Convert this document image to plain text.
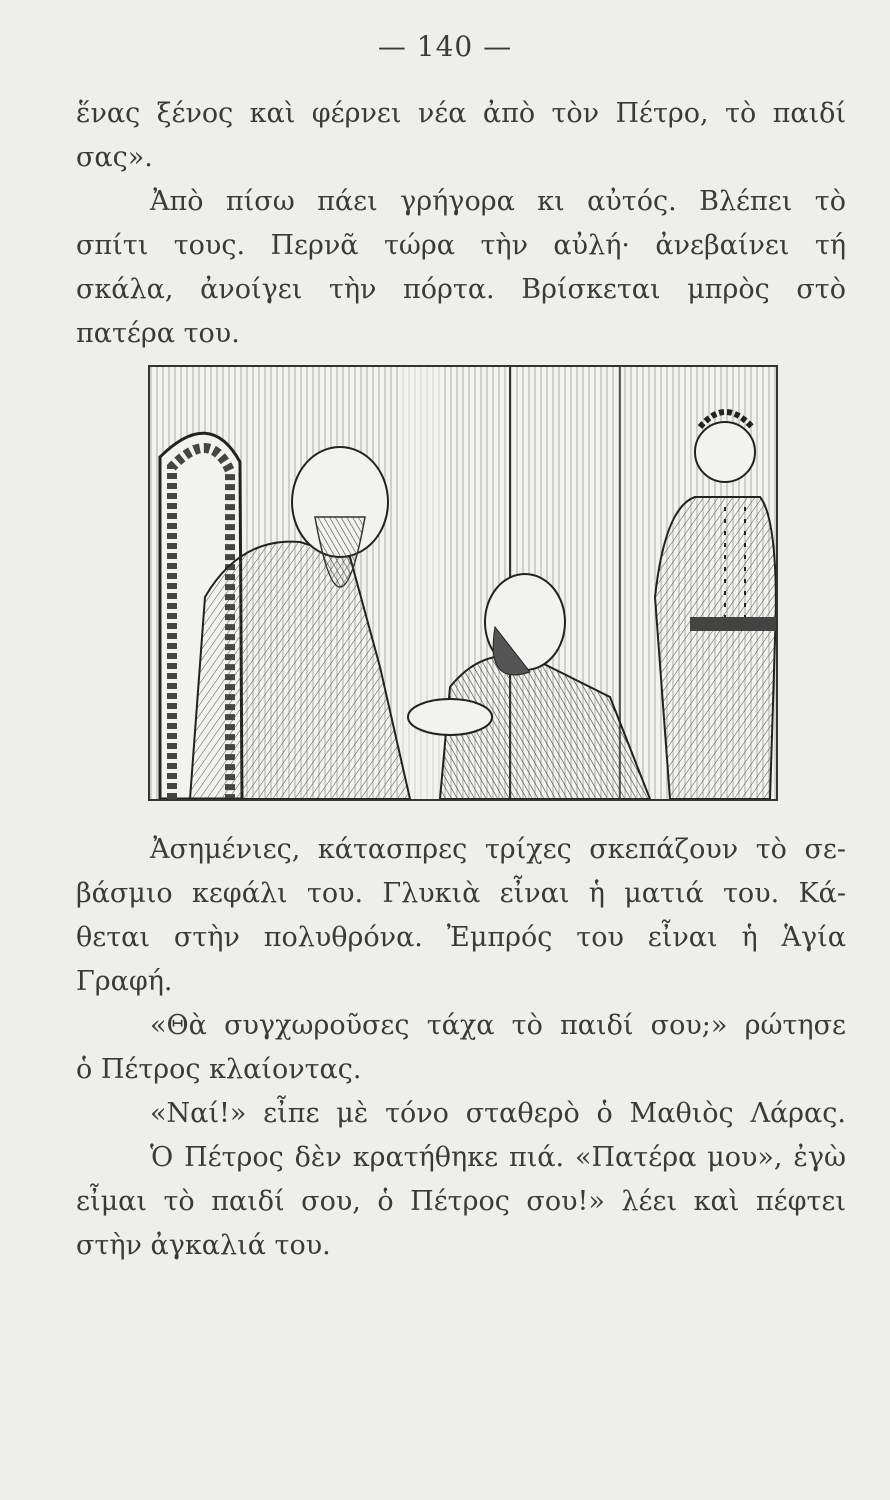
— 140 —
ἕνας ξένος καὶ φέρνει νέα ἀπὸ τὸν Πέτρο, τὸ παιδί
σας».
Ἀπὸ πίσω πάει γρήγορα κι αὐτός. Βλέπει τὸ
σπίτι τους. Περνᾶ τώρα τὴν αὐλή· ἀνεβαίνει τή
σκάλα, ἀνοίγει τὴν πόρτα. Βρίσκεται μπρὸς στὸ
πατέρα του.
Ἀσημένιες, κάτασπρες τρίχες σκεπάζουν τὸ σε-
βάσμιο κεφάλι του. Γλυκιὰ εἶναι ἡ ματιά του. Κά-
θεται στὴν πολυθρόνα. Ἐμπρός του εἶναι ἡ Ἁγία
Γραφή.
«Θὰ συγχωροῦσες τάχα τὸ παιδί σου;» ρώτησε
ὁ Πέτρος κλαίοντας.
«Ναί!» εἶπε μὲ τόνο σταθερὸ ὁ Μαθιὸς Λάρας.
Ὁ Πέτρος δὲν κρατήθηκε πιά. «Πατέρα μου», ἐγὼ
εἶμαι τὸ παιδί σου, ὁ Πέτρος σου!» λέει καὶ πέφτει
στὴν ἀγκαλιά του.
